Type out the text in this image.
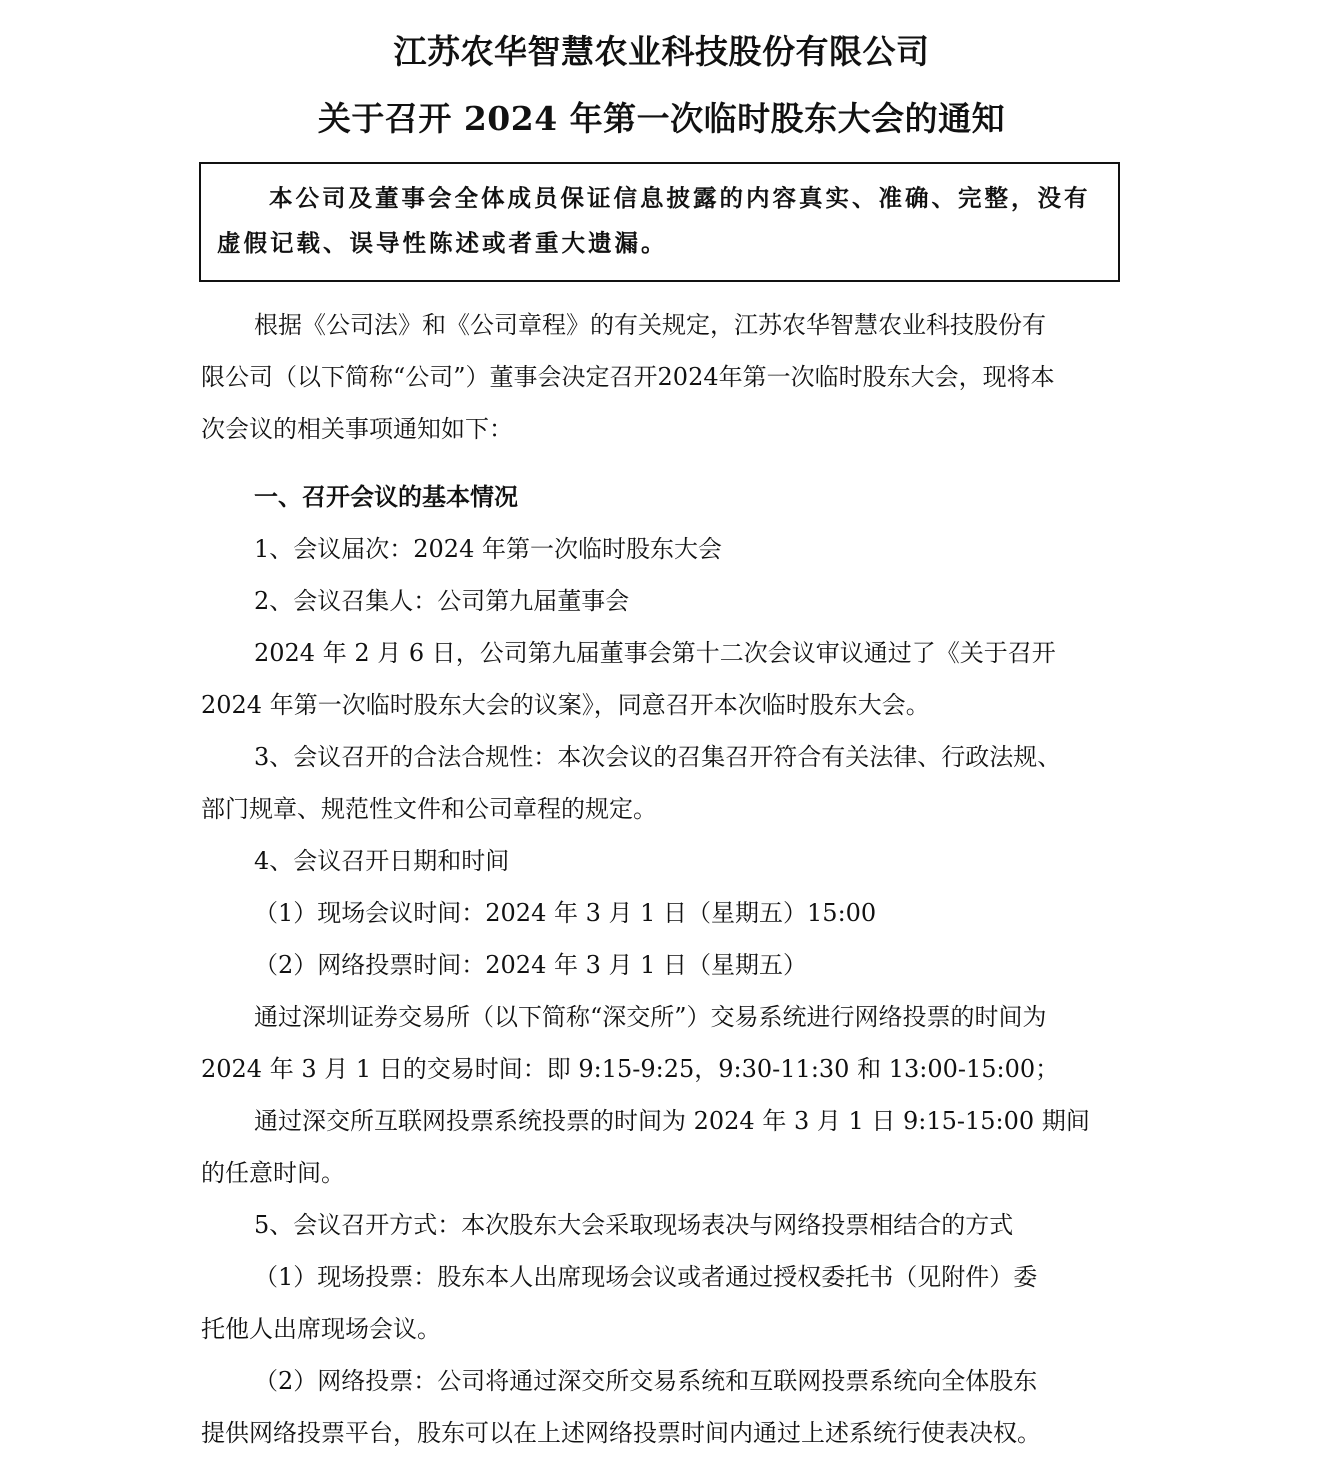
江苏农华智慧农业科技股份有限公司
关于召开 2024 年第一次临时股东大会的通知
本公司及董事会全体成员保证信息披露的内容真实、准确、完整，没有
虚假记载、误导性陈述或者重大遗漏。
根据《公司法》和《公司章程》的有关规定，江苏农华智慧农业科技股份有
限公司（以下简称“公司”）董事会决定召开2024年第一次临时股东大会，现将本
次会议的相关事项通知如下：
一、召开会议的基本情况
1、会议届次：2024 年第一次临时股东大会
2、会议召集人：公司第九届董事会
2024 年 2 月 6 日，公司第九届董事会第十二次会议审议通过了《关于召开
2024 年第一次临时股东大会的议案》，同意召开本次临时股东大会。
3、会议召开的合法合规性：本次会议的召集召开符合有关法律、行政法规、
部门规章、规范性文件和公司章程的规定。
4、会议召开日期和时间
（1）现场会议时间：2024 年 3 月 1 日（星期五）15:00
（2）网络投票时间：2024 年 3 月 1 日（星期五）
通过深圳证券交易所（以下简称“深交所”）交易系统进行网络投票的时间为
2024 年 3 月 1 日的交易时间：即 9:15-9:25，9:30-11:30 和 13:00-15:00；
通过深交所互联网投票系统投票的时间为 2024 年 3 月 1 日 9:15-15:00 期间
的任意时间。
5、会议召开方式：本次股东大会采取现场表决与网络投票相结合的方式
（1）现场投票：股东本人出席现场会议或者通过授权委托书（见附件）委
托他人出席现场会议。
（2）网络投票：公司将通过深交所交易系统和互联网投票系统向全体股东
提供网络投票平台，股东可以在上述网络投票时间内通过上述系统行使表决权。
